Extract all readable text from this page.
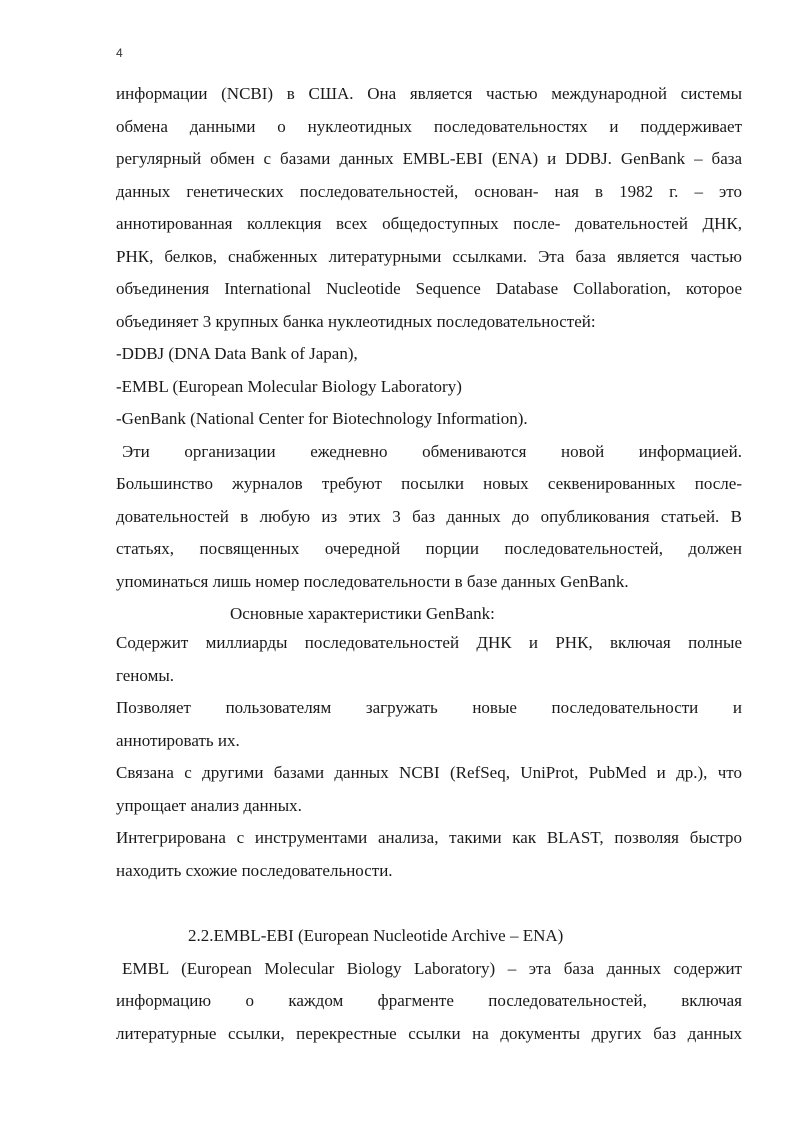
4
информации (NCBI) в США. Она является частью международной системы
обмена данными о нуклеотидных последовательностях и поддерживает
регулярный обмен с базами данных EMBL-EBI (ENA) и DDBJ. GenBank – база
данных генетических последовательностей, основан- ная в 1982 г. – это
аннотированная коллекция всех общедоступных после- довательностей ДНК,
РНК, белков, снабженных литературными ссылками. Эта база является частью
объединения International Nucleotide Sequence Database Collaboration, которое
объединяет 3 крупных банка нуклеотидных последовательностей:
-DDBJ (DNA Data Bank of Japan),
-EMBL (European Molecular Biology Laboratory)
-GenBank (National Center for Biotechnology Information).
Эти организации ежедневно обмениваются новой информацией.
Большинство журналов требуют посылки новых секвенированных после-
довательностей в любую из этих 3 баз данных до опубликования статьей. В
статьях, посвященных очередной порции последовательностей, должен
упоминаться лишь номер последовательности в базе данных GenBank.
Основные характеристики GenBank:
Содержит миллиарды последовательностей ДНК и РНК, включая полные
геномы.
Позволяет пользователям загружать новые последовательности и
аннотировать их.
Связана с другими базами данных NCBI (RefSeq, UniProt, PubMed и др.), что
упрощает анализ данных.
Интегрирована с инструментами анализа, такими как BLAST, позволяя быстро
находить схожие последовательности.
2.2.EMBL-EBI (European Nucleotide Archive – ENA)
EMBL (European Molecular Biology Laboratory) – эта база данных содержит
информацию о каждом фрагменте последовательностей, включая
литературные ссылки, перекрестные ссылки на документы других баз данных
